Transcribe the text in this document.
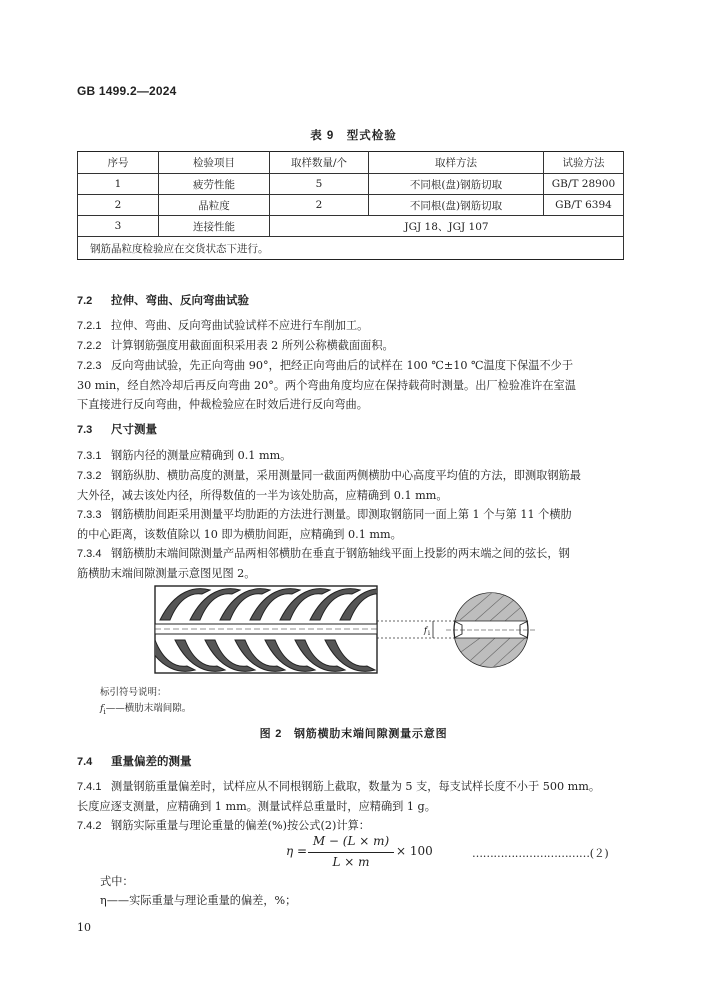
GB 1499.2—2024
表 9　型式检验
序号	检验项目	取样数量/个	取样方法	试验方法
1	疲劳性能	5	不同根(盘)钢筋切取	GB/T 28900
2	晶粒度	2	不同根(盘)钢筋切取	GB/T 6394
3	连接性能	JGJ 18、JGJ 107		
钢筋晶粒度检验应在交货状态下进行。				
7.2 拉伸、弯曲、反向弯曲试验
7.2.1 拉伸、弯曲、反向弯曲试验试样不应进行车削加工。
7.2.2 计算钢筋强度用截面面积采用表 2 所列公称横截面面积。
7.2.3 反向弯曲试验，先正向弯曲 90°，把经正向弯曲后的试样在 100 ℃±10 ℃温度下保温不少于
30 min，经自然冷却后再反向弯曲 20°。两个弯曲角度均应在保持载荷时测量。出厂检验准许在室温
下直接进行反向弯曲，仲裁检验应在时效后进行反向弯曲。
7.3 尺寸测量
7.3.1 钢筋内径的测量应精确到 0.1 mm。
7.3.2 钢筋纵肋、横肋高度的测量，采用测量同一截面两侧横肋中心高度平均值的方法，即测取钢筋最
大外径，减去该处内径，所得数值的一半为该处肋高，应精确到 0.1 mm。
7.3.3 钢筋横肋间距采用测量平均肋距的方法进行测量。即测取钢筋同一面上第 1 个与第 11 个横肋
的中心距离，该数值除以 10 即为横肋间距，应精确到 0.1 mm。
7.3.4 钢筋横肋末端间隙测量产品两相邻横肋在垂直于钢筋轴线平面上投影的两末端之间的弦长，钢
筋横肋末端间隙测量示意图见图 2。
f i
标引符号说明：
$f_i——$横肋末端间隙。
图 2　钢筋横肋末端间隙测量示意图
7.4 重量偏差的测量
7.4.1 测量钢筋重量偏差时，试样应从不同根钢筋上截取，数量为 5 支，每支试样长度不小于 500 mm。
长度应逐支测量，应精确到 1 mm。测量试样总重量时，应精确到 1 g。
7.4.2 钢筋实际重量与理论重量的偏差(%)按公式(2)计算：
η =
M − (L × m)
L × m
× 100	……………………………(２)
式中：
η——实际重量与理论重量的偏差，%；
10
